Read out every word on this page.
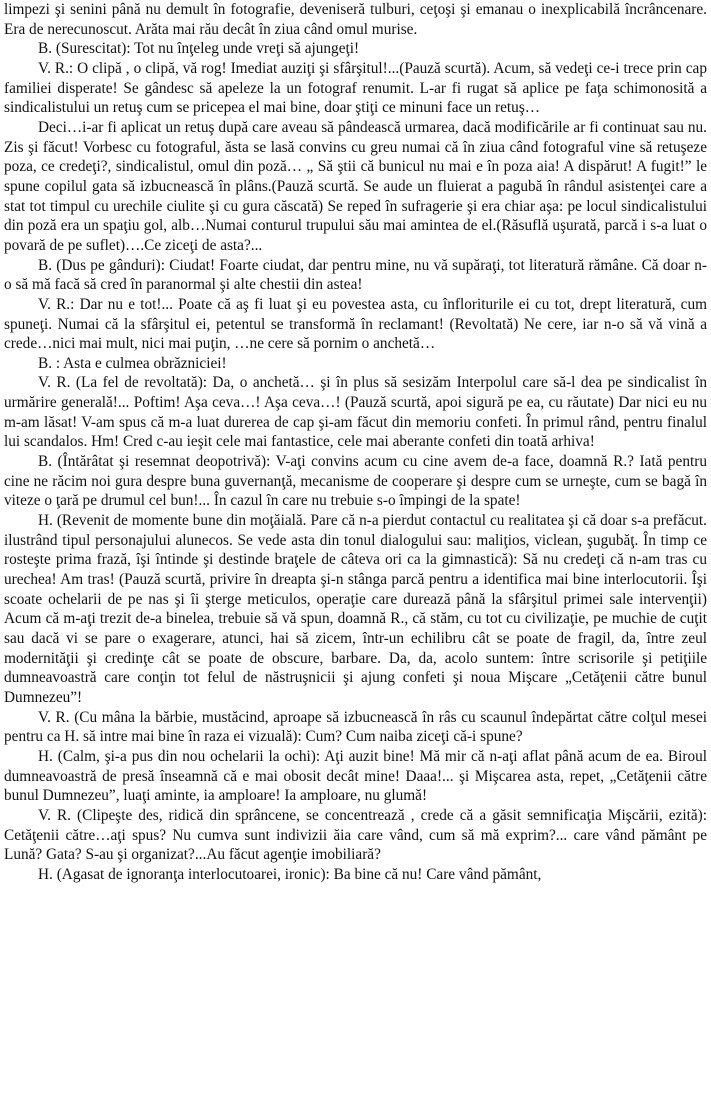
limpezi şi senini până nu demult în fotografie, deveniseră tulburi, ceţoşi şi emanau o inexplicabilă încrâncenare. Era de nerecunoscut. Arăta mai rău decât în ziua când omul murise.

B. (Surescitat): Tot nu înţeleg unde vreţi să ajungeţi!

V. R.: O clipă , o clipă, vă rog! Imediat auziţi şi sfârşitul!...(Pauză scurtă). Acum, să vedeţi ce-i trece prin cap familiei disperate! Se gândesc să apeleze la un fotograf renumit. L-ar fi rugat să aplice pe faţa schimonosită a sindicalistului un retuş cum se pricepea el mai bine, doar ştiţi ce minuni face un retuş…

Deci…i-ar fi aplicat un retuş după care aveau să pândească urmarea, dacă modificările ar fi continuat sau nu. Zis şi făcut! Vorbesc cu fotograful, ăsta se lasă convins cu greu numai că în ziua când fotograful vine să retuşeze poza, ce credeţi?, sindicalistul, omul din poză… „ Să ştii că bunicul nu mai e în poza aia! A dispărut! A fugit!” le spune copilul gata să izbucnească în plâns.(Pauză scurtă. Se aude un fluierat a pagubă în rândul asistenţei care a stat tot timpul cu urechile ciulite şi cu gura căscată) Se reped în sufragerie şi era chiar aşa: pe locul sindicalistului din poză era un spaţiu gol, alb…Numai conturul trupului său mai amintea de el.(Răsuflă uşurată, parcă i s-a luat o povară de pe suflet)….Ce ziceţi de asta?...

B. (Dus pe gânduri): Ciudat! Foarte ciudat, dar pentru mine, nu vă supăraţi, tot literatură rămâne. Că doar n-o să mă facă să cred în paranormal şi alte chestii din astea!

V. R.: Dar nu e tot!... Poate că aş fi luat şi eu povestea asta, cu înfloriturile ei cu tot, drept literatură, cum spuneţi. Numai că la sfârşitul ei, petentul se transformă în reclamant! (Revoltată) Ne cere, iar n-o să vă vină a crede…nici mai mult, nici mai puţin, …ne cere să pornim o anchetă…

B. : Asta e culmea obrăzniciei!

V. R. (La fel de revoltată): Da, o anchetă… şi în plus să sesizăm Interpolul care să-l dea pe sindicalist în urmărire generală!... Poftim! Aşa ceva…! Aşa ceva…! (Pauză scurtă, apoi sigură pe ea, cu răutate) Dar nici eu nu m-am lăsat! V-am spus că m-a luat durerea de cap şi-am făcut din memoriu confeti. În primul rând, pentru finalul lui scandalos. Hm! Cred c-au ieşit cele mai fantastice, cele mai aberante confeti din toată arhiva!

B. (Întărâtat şi resemnat deopotrivă): V-aţi convins acum cu cine avem de-a face, doamnă R.? Iată pentru cine ne răcim noi gura despre buna guvernanţă, mecanisme de cooperare şi despre cum se urneşte, cum se bagă în viteze o ţară pe drumul cel bun!... În cazul în care nu trebuie s-o împingi de la spate!

H. (Revenit de momente bune din moţăială. Pare că n-a pierdut contactul cu realitatea şi că doar s-a prefăcut. ilustrând tipul personajului alunecos. Se vede asta din tonul dialogului sau: maliţios, viclean, şugubăţ. În timp ce rosteşte prima frază, îşi întinde şi destinde braţele de câteva ori ca la gimnastică): Să nu credeţi că n-am tras cu urechea! Am tras! (Pauză scurtă, privire în dreapta şi-n stânga parcă pentru a identifica mai bine interlocutorii. Îşi scoate ochelarii de pe nas şi îi şterge meticulos, operaţie care durează până la sfârşitul primei sale intervenţii) Acum că m-aţi trezit de-a binelea, trebuie să vă spun, doamnă R., că stăm, cu tot cu civilizaţie, pe muchie de cuţit sau dacă vi se pare o exagerare, atunci, hai să zicem, într-un echilibru cât se poate de fragil, da, între zeul modernităţii şi credinţe cât se poate de obscure, barbare. Da, da, acolo suntem: între scrisorile şi petiţiile dumneavoastră care conţin tot felul de năstruşnicii şi ajung confeti şi noua Mişcare „Cetăţenii către bunul Dumnezeu”!

V. R. (Cu mâna la bărbie, mustăcind, aproape să izbucnească în râs cu scaunul îndepărtat către colţul mesei pentru ca H. să intre mai bine în raza ei vizuală): Cum? Cum naiba ziceţi că-i spune?

H. (Calm, şi-a pus din nou ochelarii la ochi): Aţi auzit bine! Mă mir că n-aţi aflat până acum de ea. Biroul dumneavoastră de presă înseamnă că e mai obosit decât mine! Daaa!... şi Mişcarea asta, repet, „Cetăţenii către bunul Dumnezeu”, luaţi aminte, ia amploare! Ia amploare, nu glumă!

V. R. (Clipeşte des, ridică din sprâncene, se concentrează , crede că a găsit semnificaţia Mişcării, ezită): Cetăţenii către…aţi spus? Nu cumva sunt indivizii ăia care vând, cum să mă exprim?... care vând pământ pe Lună? Gata? S-au şi organizat?...Au făcut agenţie imobiliară?

H. (Agasat de ignoranţa interlocutoarei, ironic): Ba bine că nu! Care vând pământ,
